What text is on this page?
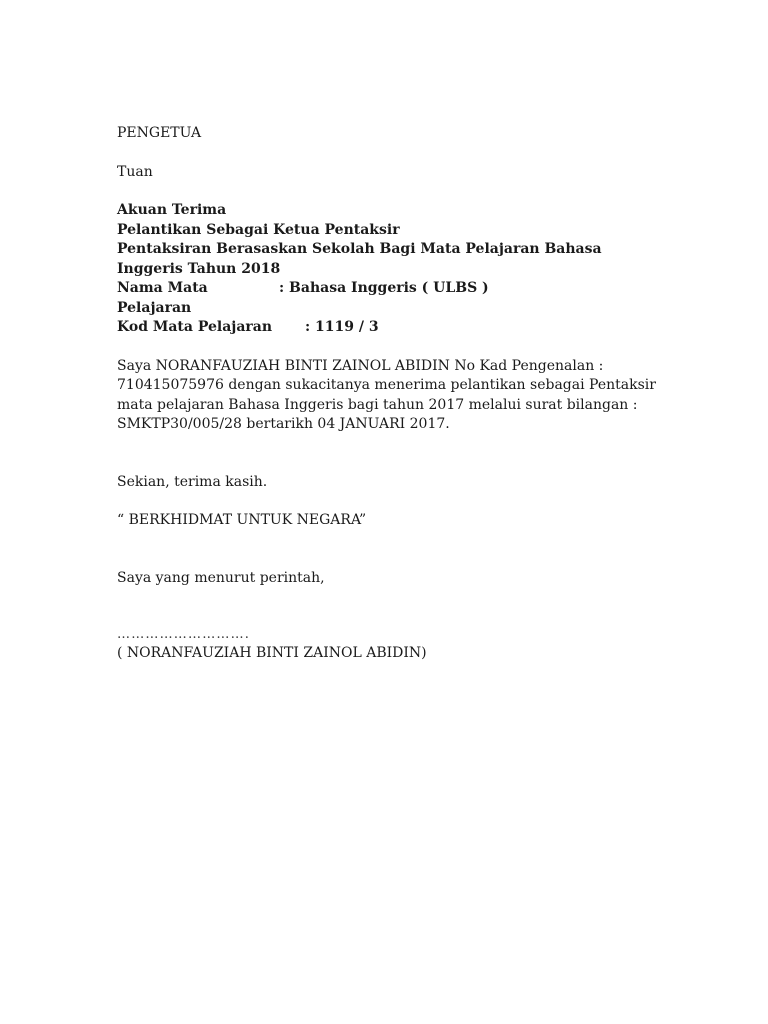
PENGETUA
Tuan
Akuan Terima
Pelantikan Sebagai Ketua Pentaksir
Pentaksiran Berasaskan Sekolah Bagi Mata Pelajaran Bahasa Inggeris Tahun 2018
Nama Mata Pelajaran
: Bahasa Inggeris ( ULBS )
Kod Mata Pelajaran	: 1119 / 3
Saya NORANFAUZIAH BINTI ZAINOL ABIDIN No Kad Pengenalan : 710415075976 dengan sukacitanya menerima pelantikan sebagai Pentaksir mata pelajaran Bahasa Inggeris bagi tahun 2017 melalui surat bilangan : SMKTP30/005/28 bertarikh 04 JANUARI 2017.
Sekian, terima kasih.
“ BERKHIDMAT UNTUK NEGARA”
Saya yang menurut perintah,
……………………….
( NORANFAUZIAH BINTI ZAINOL ABIDIN)
